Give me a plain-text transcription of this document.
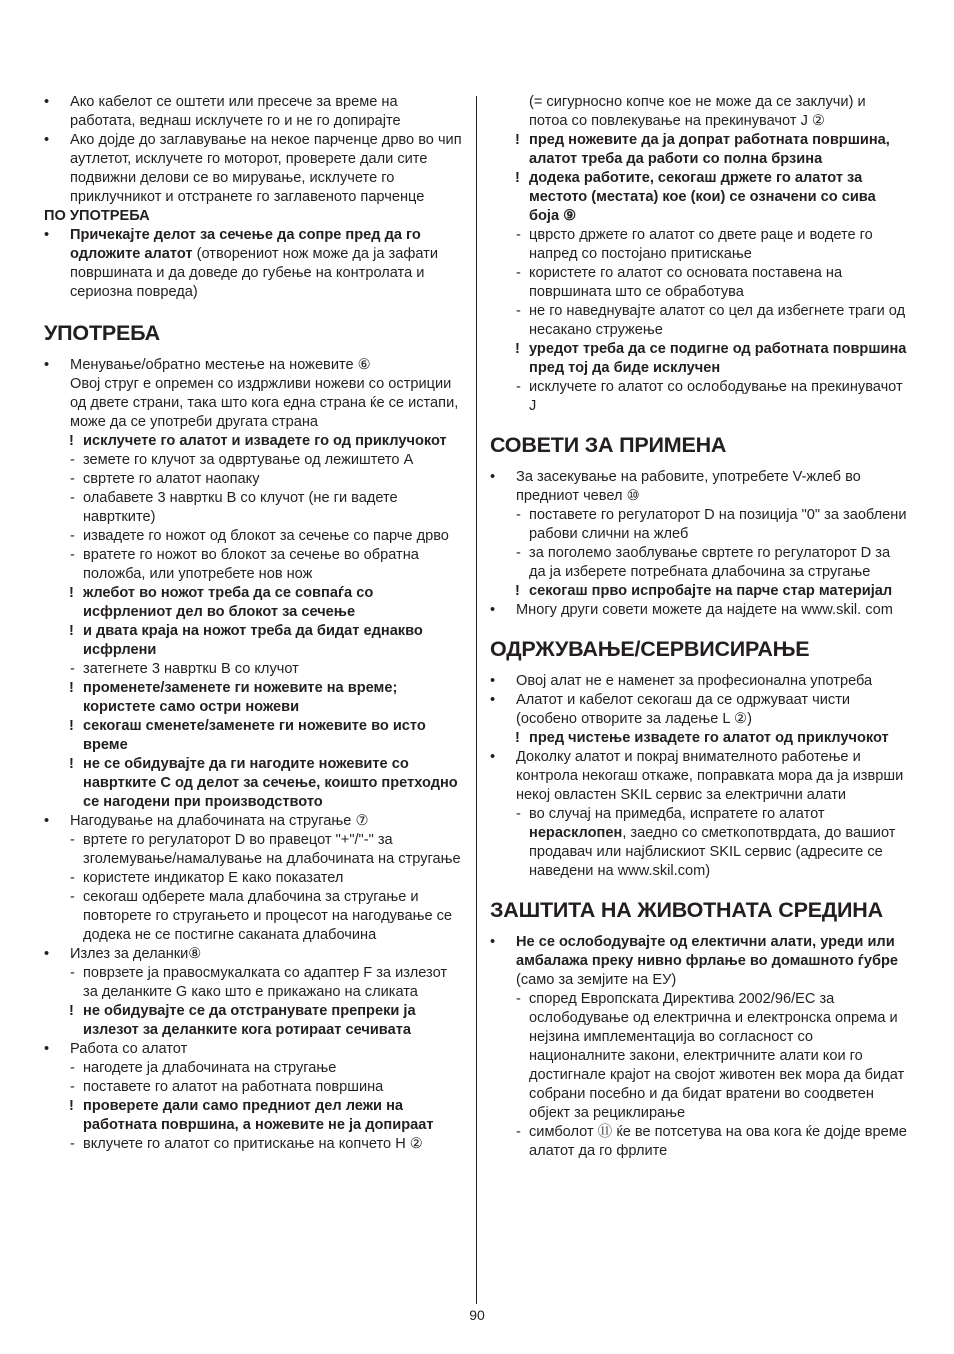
• Ако кабелот се оштети или пресече за време на работата, веднаш исклучете го и не го допирајте
• Ако дојде до заглавување на некое парченце дрво во чип аутлетот, исклучете го моторот, проверете дали сите подвижни делови се во мирување, исклучете го приклучникот и отстранете го заглавеното парченце
ПО УПОТРЕБА
• Причекајте делот за сечење да сопре пред да го одложите алатот (отворениот нож може да ја зафати површината и да доведе до губење на контролата и сериозна повреда)
УПОТРЕБА
• Менување/обратно местење на ножевите ⑥
Овој струг е опремен со издржливи ножеви со остриции од двете страни, така што кога една страна ќе се истапи, може да се употреби другата страна
! исклучете го алатот и извадете го од приклучокот
- земете го клучот за одвртување од лежиштето A
- свртете го алатот наопаку
- олабавете 3 наврткu B со клучот (не ги вадете навртките)
- извадете го ножот од блокот за сечење со парче дрво
- вратете го ножот во блокот за сечење во обратна положба, или употребете нов нож
! жлебот во ножот треба да се совпаѓа со исфрлениот дел во блокот за сечење
! и двата краја на ножот треба да бидат еднакво исфрлени
- затегнете 3 наврткu B со клучот
! променете/заменете ги ножевите на време; користете само остри ножеви
! секогаш сменете/заменете ги ножевите во исто време
! не се обидувајте да ги нагодите ножевите со навртките C од делот за сечење, коишто претходно се нагодени при производството
• Нагодување на длабочината на стругање ⑦
- вртете го регулаторот D во правецот "+"/"-" за зголемување/намалување на длабочината на стругање
- користете индикатор E како показател
- секогаш одберете мала длабочина за стругање и повторете го стругањето и процесот на нагодување се додека не се постигне саканата длабочина
• Излез за деланки⑧
- поврзете ја правосмукалката со адаптер F за излезот за деланките G како што е прикажано на сликата
! не обидувајте се да отстранувате препреки ја излезот за деланките кога ротираат сечивата
• Работа со алатот
- нагодете ја длабочината на стругање
- поставете го алатот на работната површина
! проверете дали само предниот дел лежи на работната површина, а ножевите не ја допираат
- вклучете го алатот со притискање на копчето H ②
(= сигурносно копче кое не може да се заклучи) и потоа со повлекување на прекинувачот J ②
! пред ножевите да ја допрат работната површина, алатот треба да работи со полна брзина
! додека работите, секогаш држете го алатот за местото (местата) кое (кои) се означени со сива боја ⑨
- цврсто држете го алатот со двете раце и водете го напред со постојано притискање
- користете го алатот со основата поставена на површината што се обработува
- не го наведнувајте алатот со цел да избегнете траги од несакано стружење
! уредот треба да се подигне од работната површина пред тој да биде исклучен
- исклучете го алатот со ослободување на прекинувачот J
СОВЕТИ ЗА ПРИМЕНА
• За засекување на рабовите, употребете V-жлеб во предниот чевел ⑩
- поставете го регулаторот D на позиција "0" за заоблени рабови слични на жлеб
- за поголемо заоблување свртете го регулаторот D за да ја изберете потребната длабочина за стругање
! секогаш прво испробајте на парче стар материјал
• Многу други совети можете да најдете на www.skil. com
ОДРЖУВАЊЕ/СЕРВИСИРАЊЕ
• Овој алат не е наменет за професионална употреба
• Алатот и кабелот секогаш да се одржуваат чисти (особено отворите за ладење L ②)
! пред чистење извадете го алатот од приклучокот
• Доколку алатот и покрај внимателното работење и контрола некогаш откаже, поправката мора да ја изврши некој овластен SKIL сервис за електрични алати
- во случај на примедба, испратете го алатот нерасклопен, заедно со сметкопотврдата, до вашиот продавач или најблискиот SKIL сервис (адресите се наведени на www.skil.com)
ЗАШТИТА НА ЖИВОТНАТА СРЕДИНА
• Не се ослободувајте од електични алати, уреди или амбалажа преку нивно фрлање во домашното ѓубре (само за земјите на ЕУ)
- според Европската Директива 2002/96/ЕС за ослободување од електрична и електронска опрема и нејзина имплементација во согласност со националните закони, електричните алати кои го достигнале крајот на својот животен век мора да бидат собрани посебно и да бидат вратени во соодветен објект за рециклирање
- симболот ⑪ ќе ве потсетува на ова кога ќе дојде време алатот да го фрлите
90
